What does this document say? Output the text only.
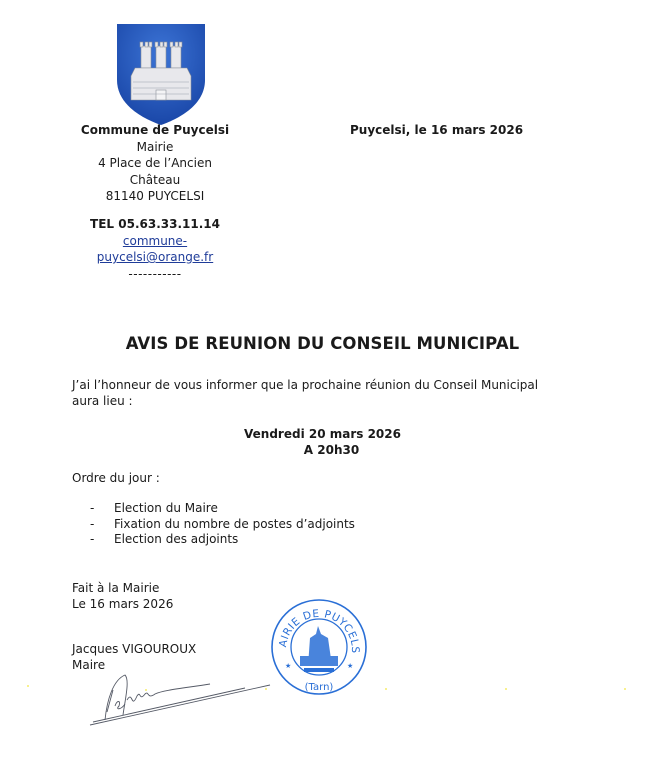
Commune de Puycelsi
Mairie
4 Place de l’Ancien
Château
81140 PUYCELSI
TEL 05.63.33.11.14
commune-
puycelsi@orange.fr
-----------
Puycelsi, le 16 mars 2026
AVIS DE REUNION DU CONSEIL MUNICIPAL
J’ai l’honneur de vous informer que la prochaine réunion du Conseil Municipal aura lieu :
Vendredi 20 mars 2026
A 20h30
Ordre du jour :
-	Election du Maire
-	Fixation du nombre de postes d’adjoints
-	Election des adjoints
Fait à la Mairie
Le 16 mars 2026
Jacques VIGOUROUX
Maire
AIRIE DE PUYCELS
(Tarn)
★	★
